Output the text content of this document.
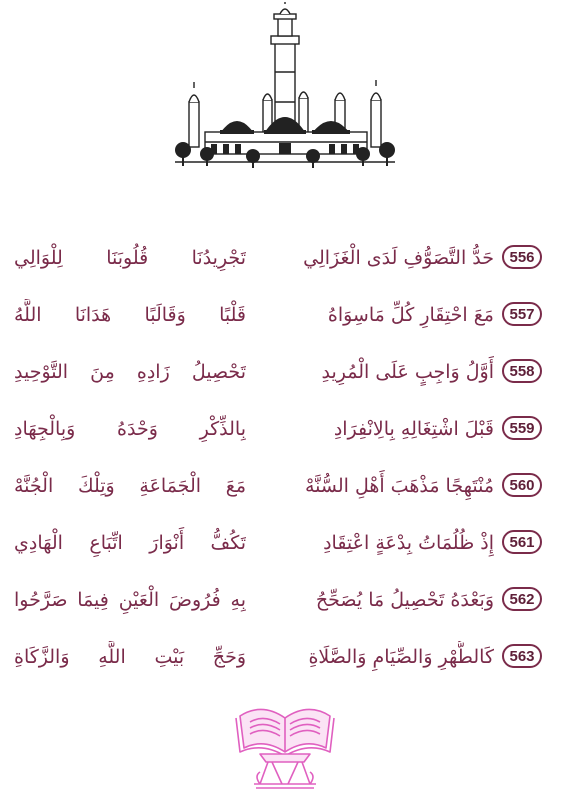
556
حَدُّ التَّصَوُّفِ لَدَى الْغَزَالِي
تَجْرِيدُنَا قُلُوبَنَا لِلْوَالِي
557
مَعَ احْتِقَارِ كُلِّ مَاسِوَاهُ
قَلْبًا وَقَالَبًا هَدَانَا اللَّهُ
558
أَوَّلُ وَاجِبٍ عَلَى الْمُرِيدِ
تَحْصِيلُ زَادِهِ مِنَ التَّوْحِيدِ
559
قَبْلَ اشْتِغَالِهِ بِالِانْفِرَادِ
بِالذِّكْرِ وَحْدَهُ وَبِالْجِهَادِ
560
مُنْتَهِجًا مَذْهَبَ أَهْلِ السُّنَّهْ
مَعَ الْجَمَاعَةِ وَتِلْكَ الْجُنَّهْ
561
إِذْ ظُلُمَاتُ بِدْعَةٍ اعْتِقَادِ
تَكُفُّ أَنْوَارَ اتِّبَاعِ الْهَادِي
562
وَبَعْدَهُ تَحْصِيلُ مَا يُصَحِّحُ
بِهِ فُرُوضَ الْعَيْنِ فِيمَا صَرَّحُوا
563
كَالطُّهْرِ وَالصِّيَامِ وَالصَّلَاةِ
وَحَجِّ بَيْتِ اللَّهِ وَالزَّكَاةِ
